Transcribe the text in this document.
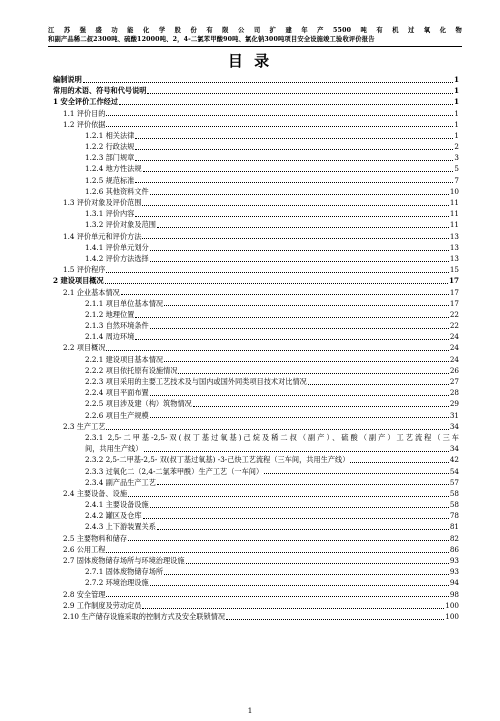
江苏强盛功能化学股份有限公司扩建年产5500吨有机过氧化物
和副产品稀二叔2300吨、硫酸12000吨、2，4-二氯苯甲酸90吨、氯化钠300吨项目安全设施竣工验收评价报告
目 录
编制说明	1
常用的术语、符号和代号说明	1
1 安全评价工作经过	1
1.1 评价目的	1
1.2 评价依据	1
1.2.1 相关法律	1
1.2.2 行政法规	2
1.2.3 部门规章	3
1.2.4 地方性法规	5
1.2.5 规范标准	7
1.2.6 其他资料文件	10
1.3 评价对象及评价范围	11
1.3.1 评价内容	11
1.3.2 评价对象及范围	11
1.4 评价单元和评价方法	13
1.4.1 评价单元划分	13
1.4.2 评价方法选择	13
1.5 评价程序	15
2 建设项目概况	17
2.1 企业基本情况	17
2.1.1 项目单位基本情况	17
2.1.2 地理位置	22
2.1.3 自然环境条件	22
2.1.4 周边环境	24
2.2 项目概况	24
2.2.1 建设项目基本情况	24
2.2.2 项目依托原有设施情况	26
2.2.3 项目采用的主要工艺技术及与国内或国外同类项目技术对比情况	27
2.2.4 项目平面布置	28
2.2.5 项目涉及建（构）筑物情况	29
2.2.6 项目生产规模	31
2.3 生产工艺	34
2.3.1 2,5-二甲基-2,5-双(叔丁基过氧基)己烷及稀二叔（副产）、硫酸（副产）工艺流程（三车
间，共用生产线）	34
2.3.2 2,5-二甲基-2,5- 双(叔丁基过氧基) -3-己炔工艺流程（三车间，共用生产线）	42
2.3.3 过氧化二（2,4-二氯苯甲酰）生产工艺（一车间）	54
2.3.4 副产品生产工艺	57
2.4 主要设备、设施	58
2.4.1 主要设备设施	58
2.4.2 罐区及仓库	78
2.4.3 上下游装置关系	81
2.5 主要物料和储存	82
2.6 公用工程	86
2.7 固体废物储存场所与环境治理设施	93
2.7.1 固体废物储存场所	93
2.7.2 环境治理设施	94
2.8 安全管理	98
2.9 工作制度及劳动定员	100
2.10 生产储存设施采取的控制方式及安全联锁情况	100
1
